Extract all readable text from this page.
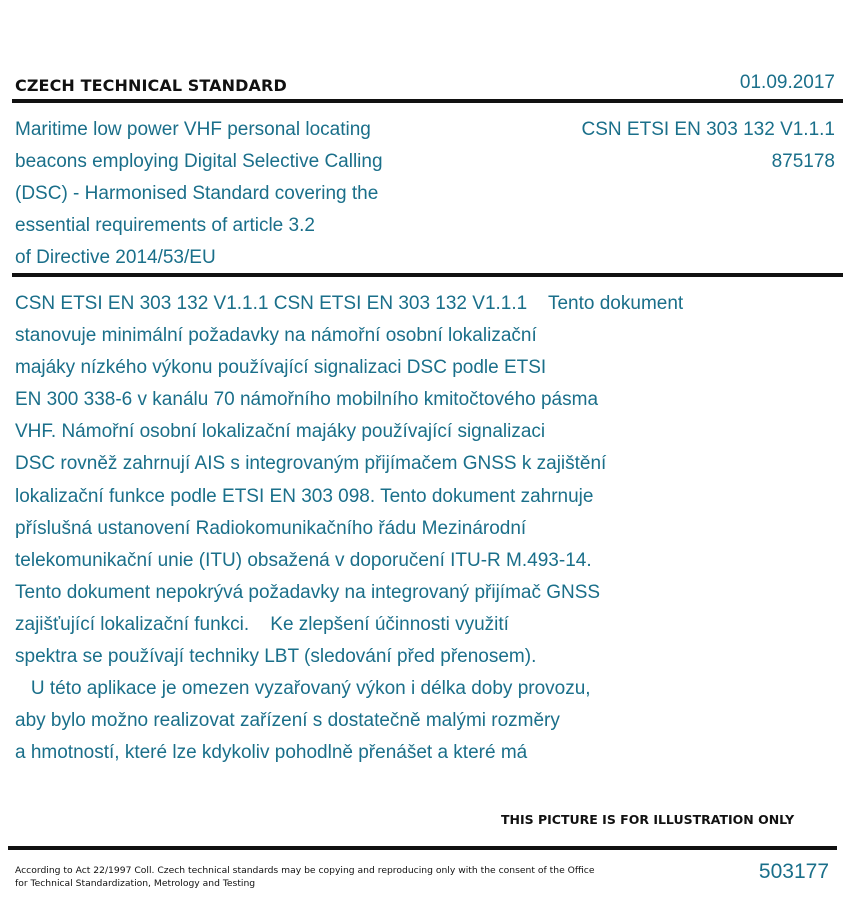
CZECH TECHNICAL STANDARD	01.09.2017
Maritime low power VHF personal locating
beacons employing Digital Selective Calling
(DSC) - Harmonised Standard covering the
essential requirements of article 3.2
of Directive 2014/53/EU
CSN ETSI EN 303 132 V1.1.1
875178
CSN ETSI EN 303 132 V1.1.1 CSN ETSI EN 303 132 V1.1.1    Tento dokument
stanovuje minimální požadavky na námořní osobní lokalizační
majáky nízkého výkonu používající signalizaci DSC podle ETSI
EN 300 338-6 v kanálu 70 námořního mobilního kmitočtového pásma
VHF. Námořní osobní lokalizační majáky používající signalizaci
DSC rovněž zahrnují AIS s integrovaným přijímačem GNSS k zajištění
lokalizační funkce podle ETSI EN 303 098. Tento dokument zahrnuje
příslušná ustanovení Radiokomunikačního řádu Mezinárodní
telekomunikační unie (ITU) obsažená v doporučení ITU-R M.493-14.
Tento dokument nepokrývá požadavky na integrovaný přijímač GNSS
zajišťující lokalizační funkci.    Ke zlepšení účinnosti využití
spektra se používají techniky LBT (sledování před přenosem).
U této aplikace je omezen vyzařovaný výkon i délka doby provozu,
aby bylo možno realizovat zařízení s dostatečně malými rozměry
a hmotností, které lze kdykoliv pohodlně přenášet a které má
THIS PICTURE IS FOR ILLUSTRATION ONLY
According to Act 22/1997 Coll. Czech technical standards may be copying and reproducing only with the consent of the Office
for Technical Standardization, Metrology and Testing
503177
